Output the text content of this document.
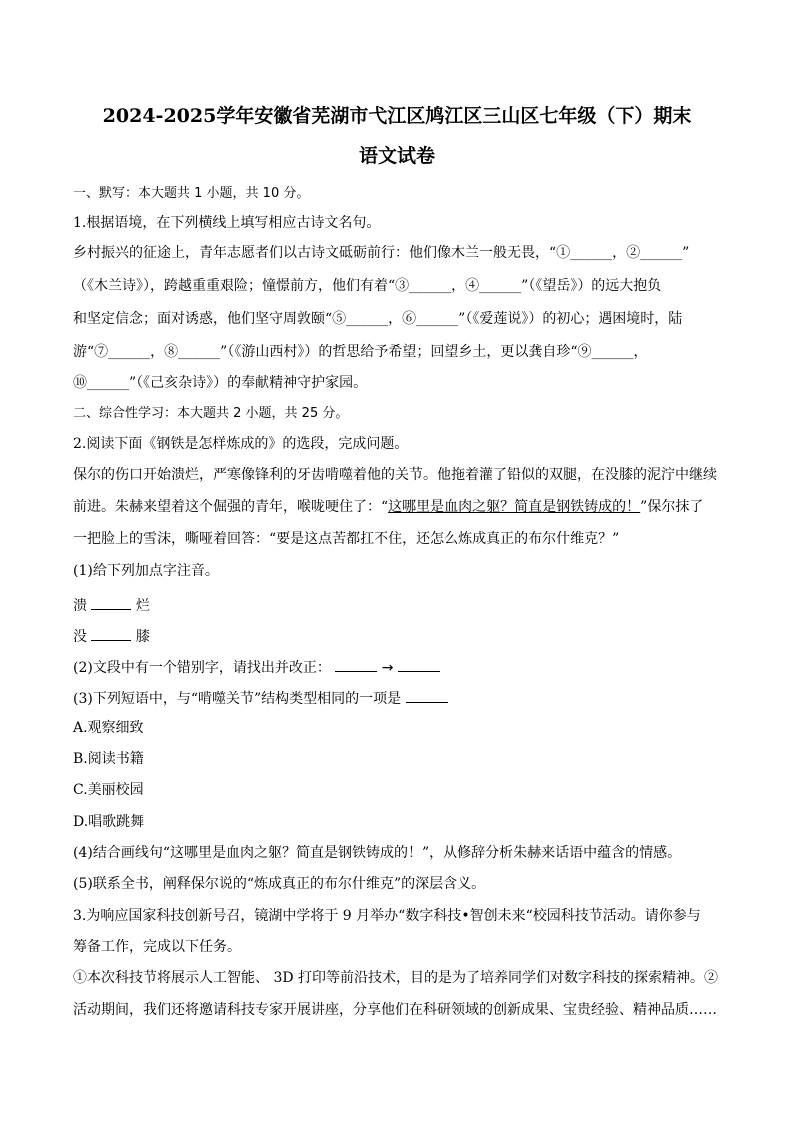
2024-2025学年安徽省芜湖市弋江区鸠江区三山区七年级（下）期末
语文试卷
一、默写：本大题共 1 小题，共 10 分。
1.根据语境，在下列横线上填写相应古诗文名句。
乡村振兴的征途上，青年志愿者们以古诗文砥砺前行：他们像木兰一般无畏，“①______，②______”
（《木兰诗》），跨越重重艰险；憧憬前方，他们有着“③______，④______”（《望岳》）的远大抱负
和坚定信念；面对诱惑，他们坚守周敦颐“⑤______，⑥______”（《爱莲说》）的初心；遇困境时，陆
游“⑦______，⑧______”（《游山西村》）的哲思给予希望；回望乡土，更以龚自珍“⑨______，
⑩______”（《己亥杂诗》）的奉献精神守护家园。
二、综合性学习：本大题共 2 小题，共 25 分。
2.阅读下面《钢铁是怎样炼成的》的选段，完成问题。
保尔的伤口开始溃烂，严寒像锋利的牙齿啃噬着他的关节。他拖着灌了铅似的双腿，在没膝的泥泞中继续
前进。朱赫来望着这个倔强的青年，喉咙哽住了：“这哪里是血肉之躯？简直是钢铁铸成的！”保尔抹了
一把脸上的雪沫，嘶哑着回答：“要是这点苦都扛不住，还怎么炼成真正的布尔什维克？”
(1)给下列加点字注音。
溃	烂
没	膝
(2)文段中有一个错别字，请找出并改正：	→
(3)下列短语中，与“啃噬关节”结构类型相同的一项是
A.观察细致
B.阅读书籍
C.美丽校园
D.唱歌跳舞
(4)结合画线句“这哪里是血肉之躯？简直是钢铁铸成的！”，从修辞分析朱赫来话语中蕴含的情感。
(5)联系全书，阐释保尔说的“炼成真正的布尔什维克”的深层含义。
3.为响应国家科技创新号召，镜湖中学将于 9 月举办“数字科技•智创未来“校园科技节活动。请你参与
筹备工作，完成以下任务。
①本次科技节将展示人工智能、 3D 打印等前沿技术，目的是为了培养同学们对数字科技的探索精神。②
活动期间，我们还将邀请科技专家开展讲座，分享他们在科研领域的创新成果、宝贵经验、精神品质……
